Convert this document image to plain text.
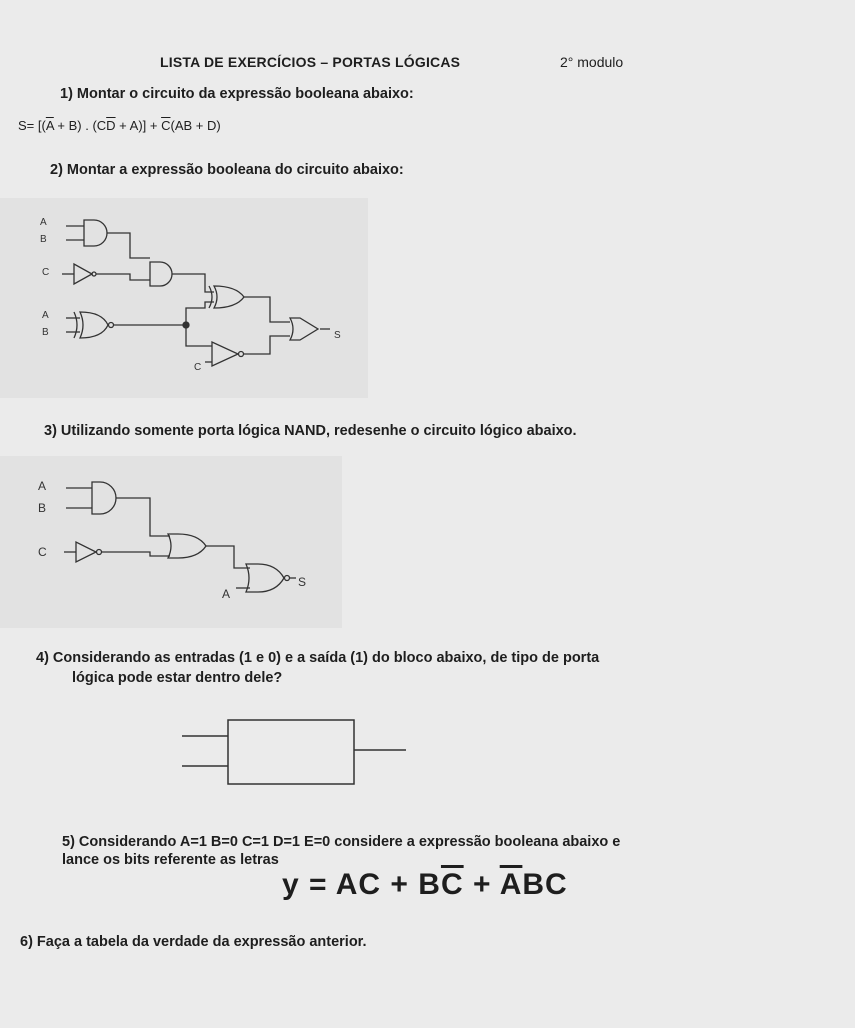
LISTA DE EXERCÍCIOS – PORTAS LÓGICAS	2° modulo
1) Montar o circuito da expressão booleana abaixo:
$S= [(\overline{A} + B)$ . $(C\overline{D} + A)] + \overline{C}(AB + D)$
2) Montar a expressão booleana do circuito abaixo:
A
B
C
A
B
C
S
3) Utilizando somente porta lógica NAND, redesenhe o circuito lógico abaixo.
A
B
C
A
S
4) Considerando as entradas (1 e 0) e a saída (1) do bloco abaixo, de tipo de porta
lógica pode estar dentro dele?
5) Considerando A=1 B=0 C=1 D=1 E=0 considere a expressão booleana abaixo e
lance os bits referente as letras
y = AC + $B\overline{C} + \overline{A}BC$
6) Faça a tabela da verdade da expressão anterior.
